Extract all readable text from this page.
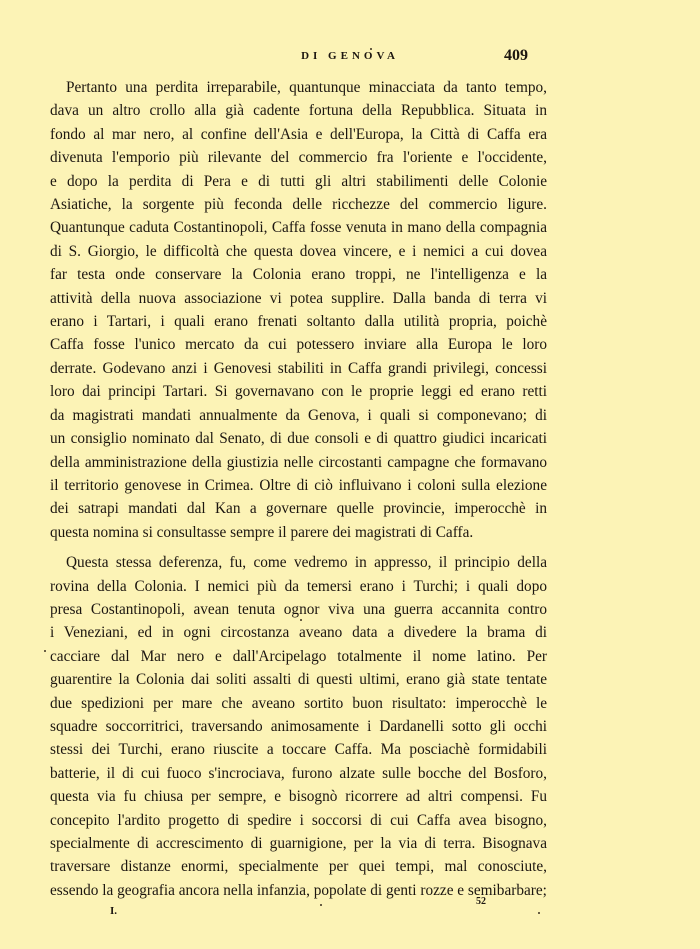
DI GENOVA	409

Pertanto una perdita irreparabile, quantunque minacciata da tanto tempo,
dava un altro crollo alla già cadente fortuna della Repubblica. Situata in
fondo al mar nero, al confine dell'Asia e dell'Europa, la Città di Caffa era
divenuta l'emporio più rilevante del commercio fra l'oriente e l'occidente,
e dopo la perdita di Pera e di tutti gli altri stabilimenti delle Colonie
Asiatiche, la sorgente più feconda delle ricchezze del commercio ligure.
Quantunque caduta Costantinopoli, Caffa fosse venuta in mano della compagnia
di S. Giorgio, le difficoltà che questa dovea vincere, e i nemici a cui dovea
far testa onde conservare la Colonia erano troppi, ne l'intelligenza e la
attività della nuova associazione vi potea supplire. Dalla banda di terra vi
erano i Tartari, i quali erano frenati soltanto dalla utilità propria, poichè
Caffa fosse l'unico mercato da cui potessero inviare alla Europa le loro
derrate. Godevano anzi i Genovesi stabiliti in Caffa grandi privilegi, concessi
loro dai principi Tartari. Si governavano con le proprie leggi ed erano retti
da magistrati mandati annualmente da Genova, i quali si componevano; di
un consiglio nominato dal Senato, di due consoli e di quattro giudici incaricati
della amministrazione della giustizia nelle circostanti campagne che formavano
il territorio genovese in Crimea. Oltre di ciò influivano i coloni sulla elezione
dei satrapi mandati dal Kan a governare quelle provincie, imperocchè in
questa nomina si consultasse sempre il parere dei magistrati di Caffa.

Questa stessa deferenza, fu, come vedremo in appresso, il principio della
rovina della Colonia. I nemici più da temersi erano i Turchi; i quali dopo
presa Costantinopoli, avean tenuta ognor viva una guerra accannita contro
i Veneziani, ed in ogni circostanza aveano data a divedere la brama di
cacciare dal Mar nero e dall'Arcipelago totalmente il nome latino. Per
guarentire la Colonia dai soliti assalti di questi ultimi, erano già state tentate
due spedizioni per mare che aveano sortito buon risultato: imperocchè le
squadre soccorritrici, traversando animosamente i Dardanelli sotto gli occhi
stessi dei Turchi, erano riuscite a toccare Caffa. Ma posciachè formidabili
batterie, il di cui fuoco s'incrociava, furono alzate sulle bocche del Bosforo,
questa via fu chiusa per sempre, e bisognò ricorrere ad altri compensi. Fu
concepito l'ardito progetto di spedire i soccorsi di cui Caffa avea bisogno,
specialmente di accrescimento di guarnigione, per la via di terra. Bisognava
traversare distanze enormi, specialmente per quei tempi, mal conosciute,
essendo la geografia ancora nella infanzia, popolate di genti rozze e semibarbare;

I.
52
